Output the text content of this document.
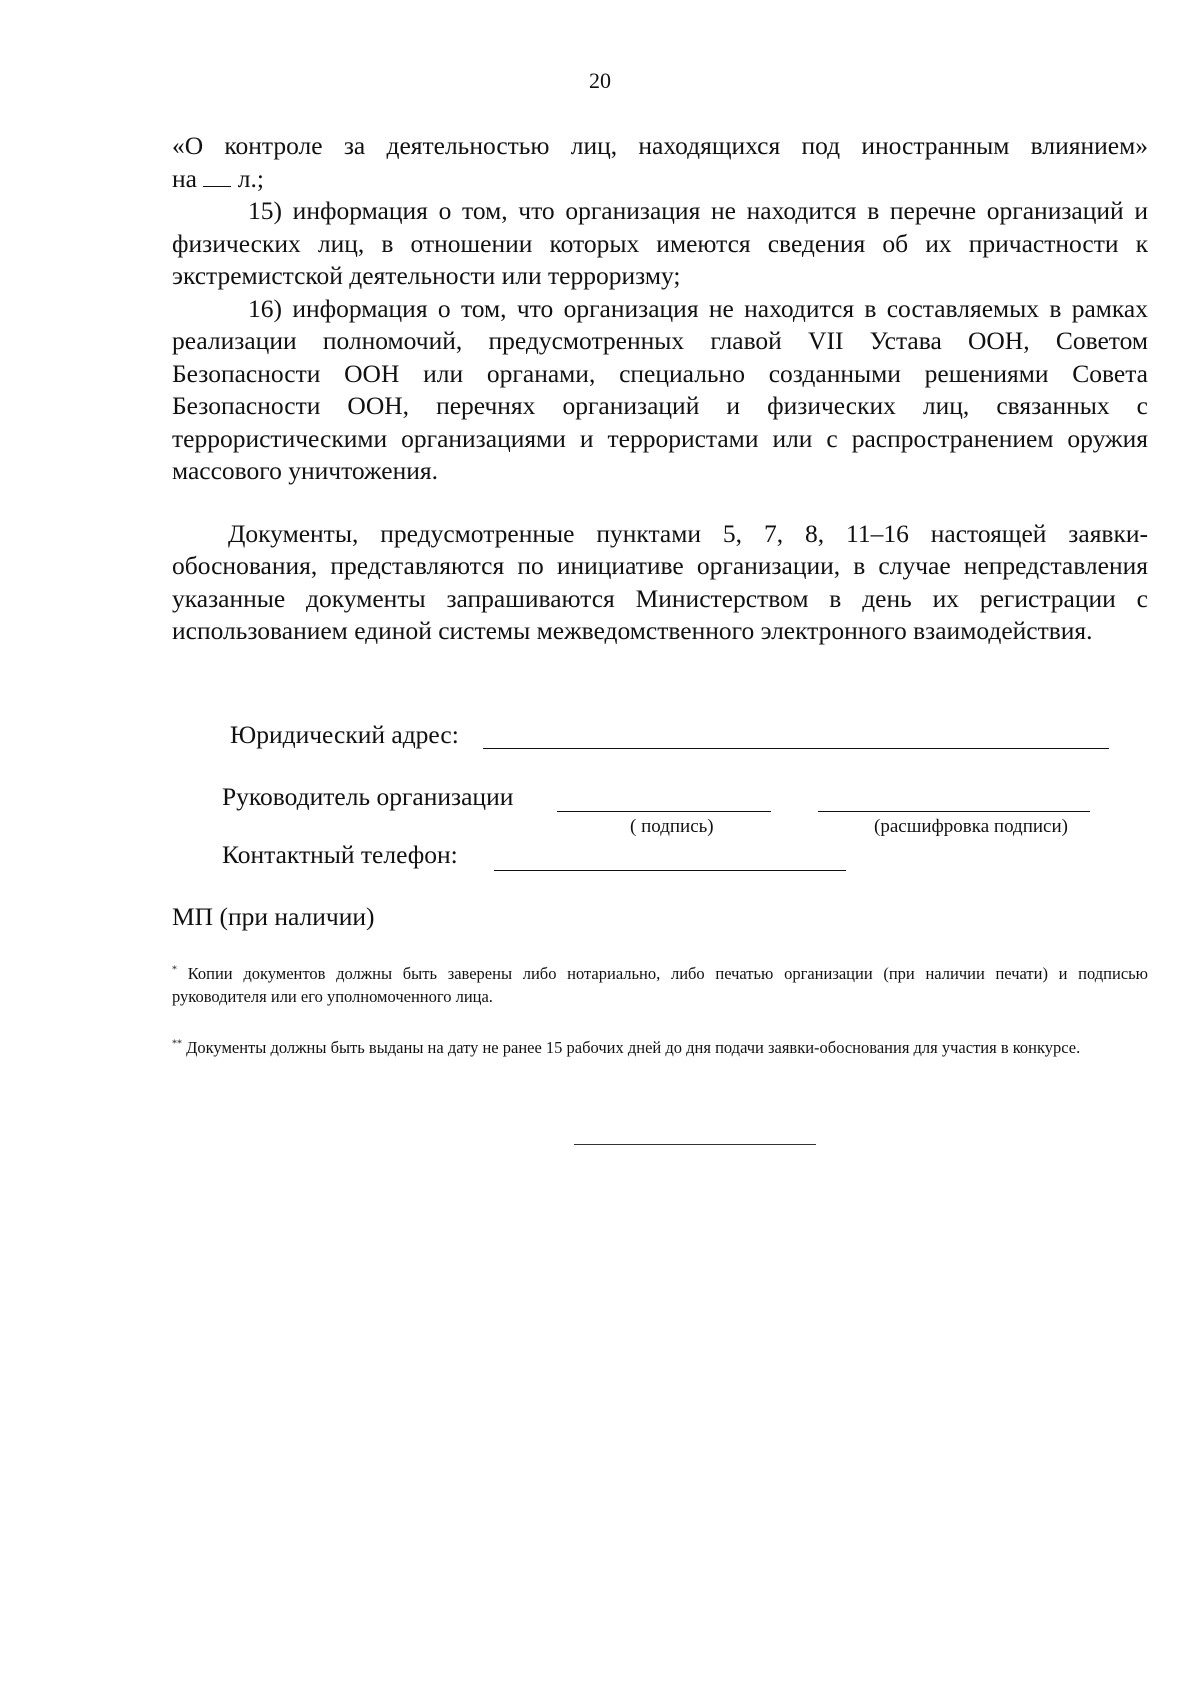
20

«О контроле за деятельностью лиц, находящихся под иностранным влиянием»

на л.;

15) информация о том, что организация не находится в перечне организаций и физических лиц, в отношении которых имеются сведения об их причастности к экстремистской деятельности или терроризму;

16) информация о том, что организация не находится в составляемых в рамках реализации полномочий, предусмотренных главой VII Устава ООН, Советом Безопасности ООН или органами, специально созданными решениями Совета Безопасности ООН, перечнях организаций и физических лиц, связанных с террористическими организациями и террористами или с распространением оружия массового уничтожения.

Документы, предусмотренные пунктами 5, 7, 8, 11–16 настоящей заявки-обоснования, представляются по инициативе организации, в случае непредставления указанные документы запрашиваются Министерством в день их регистрации с использованием единой системы межведомственного электронного взаимодействия.

Юридический адрес:
Руководитель организации
( подпись)	(расшифровка подписи)
Контактный телефон:
МП (при наличии)
* Копии документов должны быть заверены либо нотариально, либо печатью организации (при наличии печати) и подписью руководителя или его уполномоченного лица.
** Документы должны быть выданы на дату не ранее 15 рабочих дней до дня подачи заявки-обоснования для участия в конкурсе.
